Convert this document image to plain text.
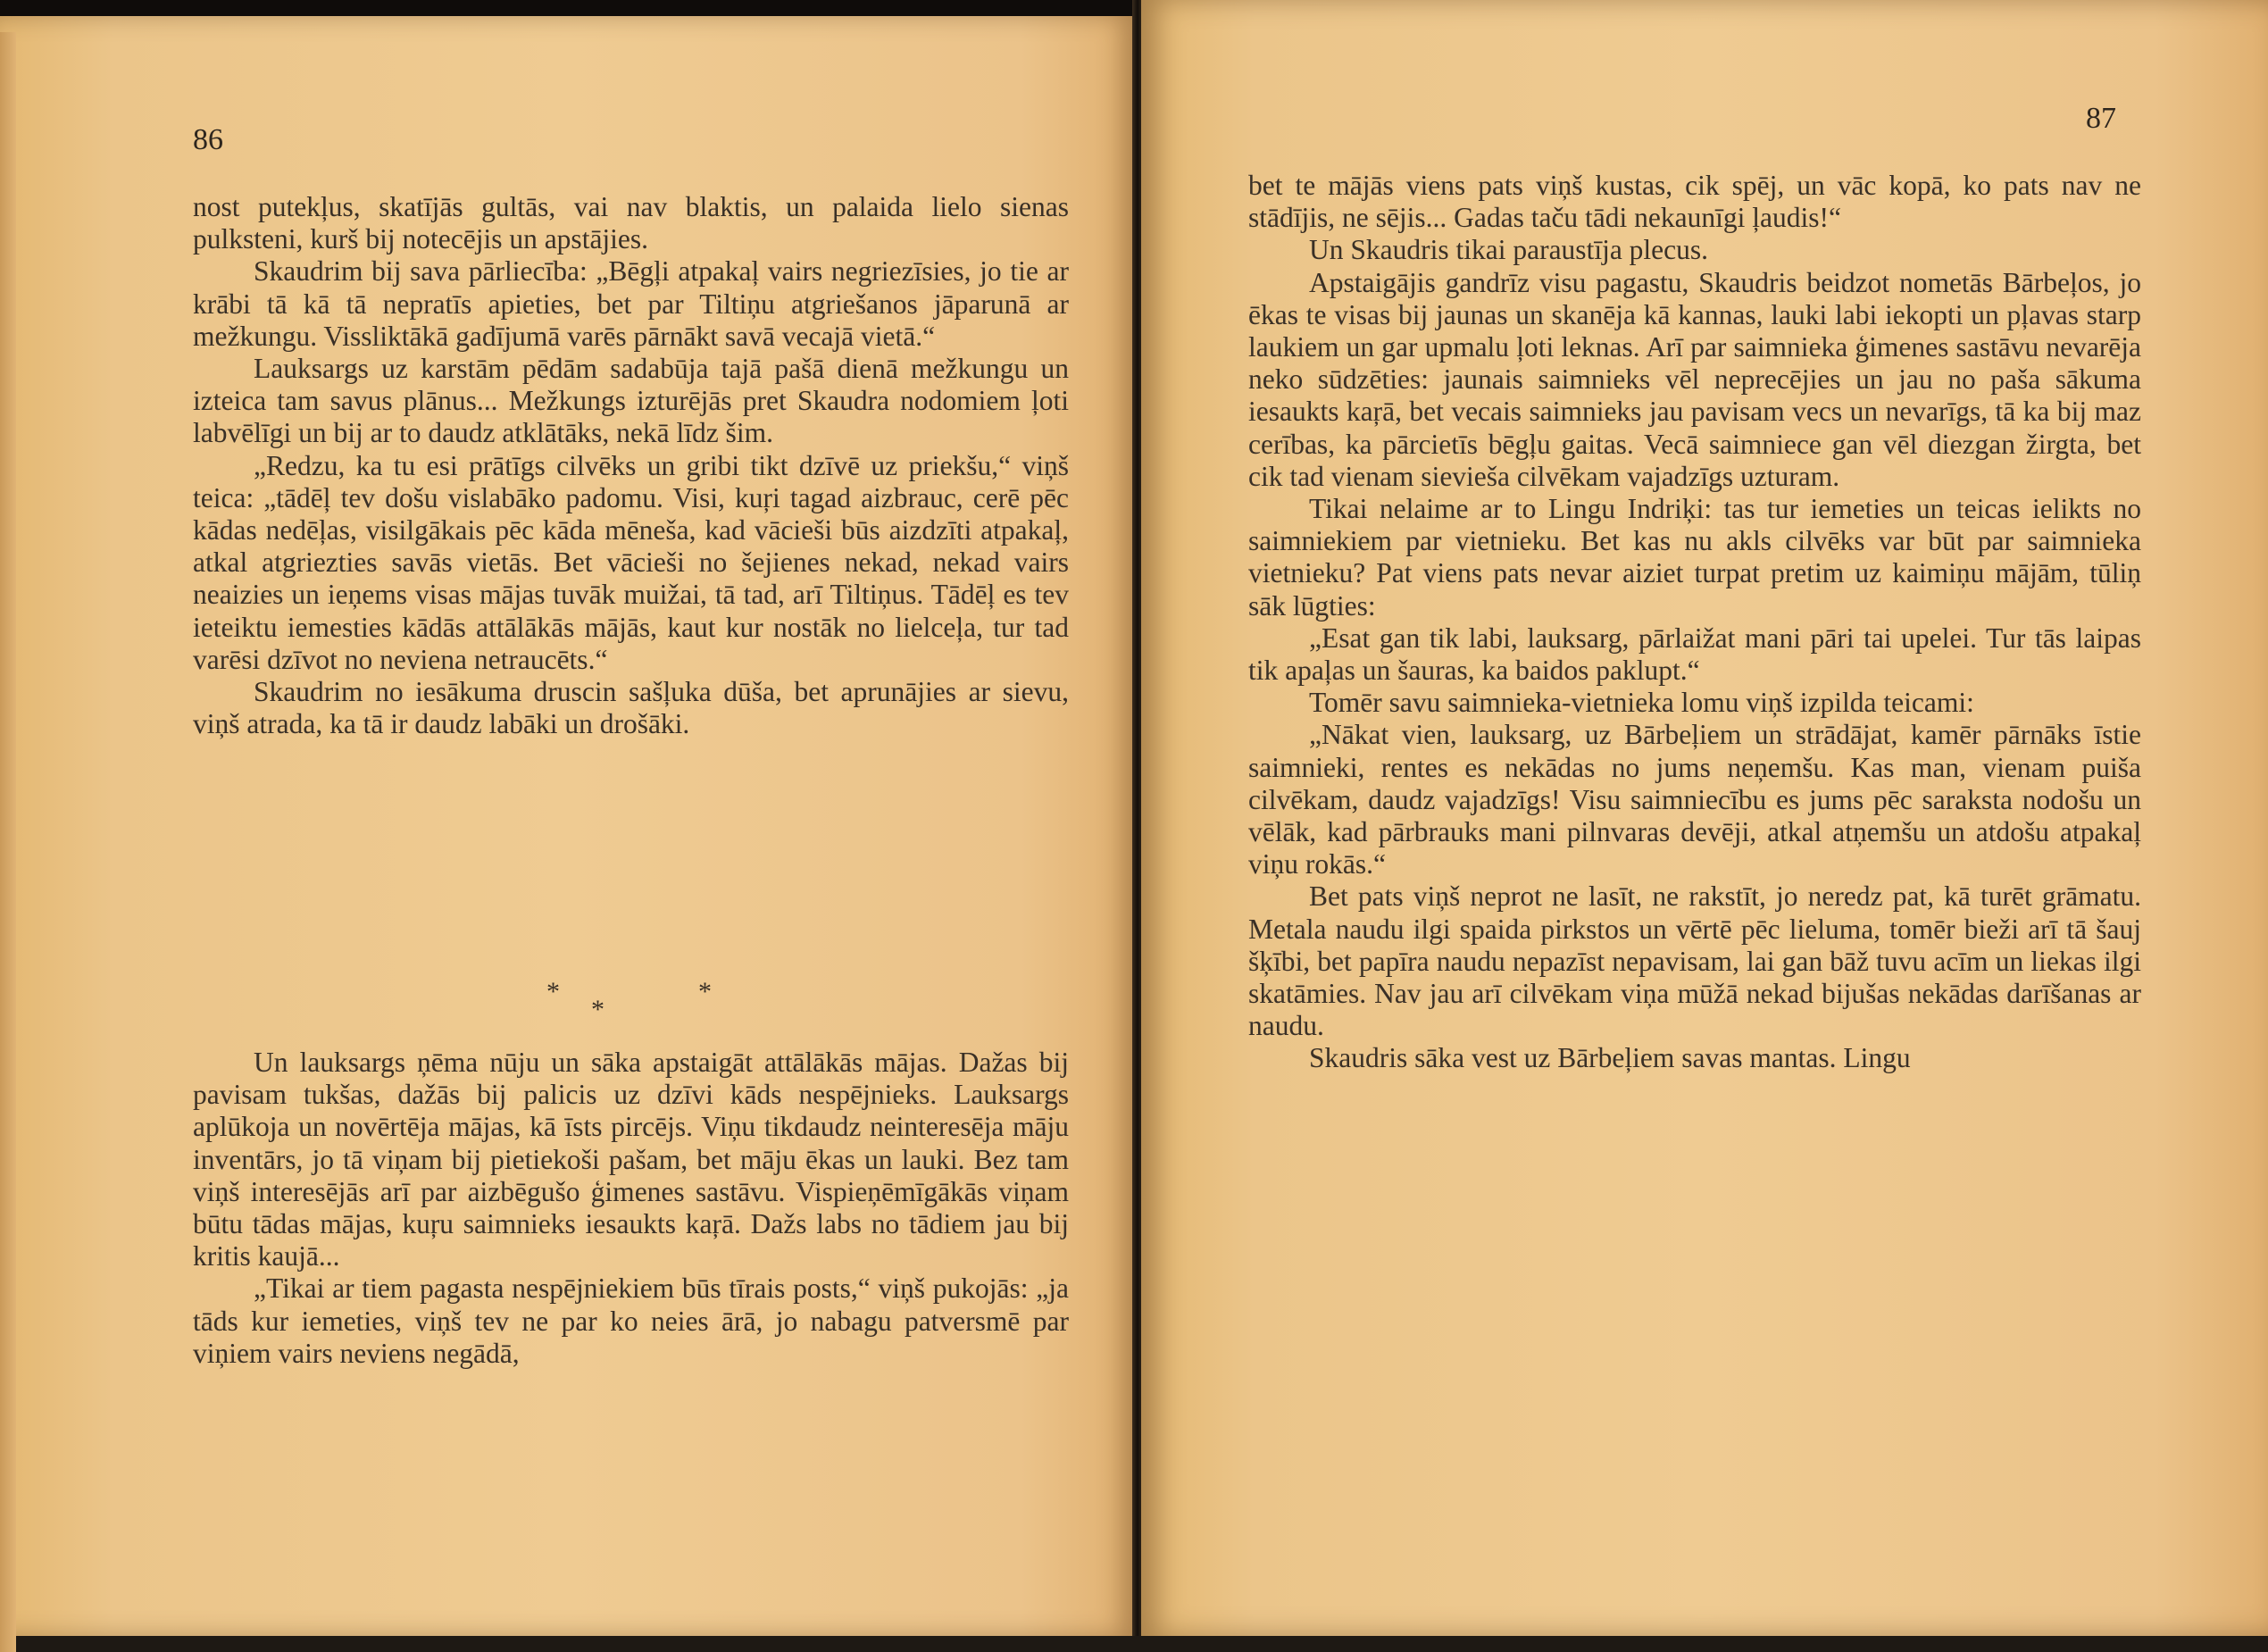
86

nost putekļus, skatījās gultās, vai nav blaktis, un palaida lielo sienas pulksteni, kurš bij notecējis un apstājies.

Skaudrim bij sava pārliecība: „Bēgļi atpakaļ vairs negriezīsies, jo tie ar krābi tā kā tā nepratīs apieties, bet par Tiltiņu atgriešanos jāparunā ar mežkungu. Vissliktākā gadījumā varēs pārnākt savā vecajā vietā.“

Lauksargs uz karstām pēdām sadabūja tajā pašā dienā mežkungu un izteica tam savus plānus... Mežkungs izturējās pret Skaudra nodomiem ļoti labvēlīgi un bij ar to daudz atklātāks, nekā līdz šim.

„Redzu, ka tu esi prātīgs cilvēks un gribi tikt dzīvē uz priekšu,“ viņš teica: „tādēļ tev došu vislabāko padomu. Visi, kuŗi tagad aizbrauc, cerē pēc kādas nedēļas, visilgākais pēc kāda mēneša, kad vācieši būs aizdzīti atpakaļ, atkal atgriezties savās vietās. Bet vācieši no šejienes nekad, nekad vairs neaizies un ieņems visas mājas tuvāk muižai, tā tad, arī Tiltiņus. Tādēļ es tev ieteiktu iemesties kādās attālākās mājās, kaut kur nostāk no lielceļa, tur tad varēsi dzīvot no neviena netraucēts.“

Skaudrim no iesākuma druscin sašļuka dūša, bet aprunājies ar sievu, viņš atrada, ka tā ir daudz labāki un drošāki.

*
*
*

Un lauksargs ņēma nūju un sāka apstaigāt attālākās mājas. Dažas bij pavisam tukšas, dažās bij palicis uz dzīvi kāds nespējnieks. Lauksargs aplūkoja un novērtēja mājas, kā īsts pircējs. Viņu tikdaudz neinteresēja māju inventārs, jo tā viņam bij pietiekoši pašam, bet māju ēkas un lauki. Bez tam viņš interesējās arī par aizbēgušo ģimenes sastāvu. Vispieņēmīgākās viņam būtu tādas mājas, kuŗu saimnieks iesaukts kaŗā. Dažs labs no tādiem jau bij kritis kaujā...

„Tikai ar tiem pagasta nespējniekiem būs tīrais posts,“ viņš pukojās: „ja tāds kur iemeties, viņš tev ne par ko neies ārā, jo nabagu patversmē par viņiem vairs neviens negādā,

87

bet te mājās viens pats viņš kustas, cik spēj, un vāc kopā, ko pats nav ne stādījis, ne sējis... Gadas taču tādi nekaunīgi ļaudis!“

Un Skaudris tikai paraustīja plecus.

Apstaigājis gandrīz visu pagastu, Skaudris beidzot nometās Bārbeļos, jo ēkas te visas bij jaunas un skanēja kā kannas, lauki labi iekopti un pļavas starp laukiem un gar upmalu ļoti leknas. Arī par saimnieka ģimenes sastāvu nevarēja neko sūdzēties: jaunais saimnieks vēl neprecējies un jau no paša sākuma iesaukts kaŗā, bet vecais saimnieks jau pavisam vecs un nevarīgs, tā ka bij maz cerības, ka pārcietīs bēgļu gaitas. Vecā saimniece gan vēl diezgan žirgta, bet cik tad vienam sieviešа cilvēkam vajadzīgs uzturam.

Tikai nelaime ar to Lingu Indriķi: tas tur iemeties un teicas ielikts no saimniekiem par vietnieku. Bet kas nu akls cilvēks var būt par saimnieka vietnieku? Pat viens pats nevar aiziet turpat pretim uz kaimiņu mājām, tūliņ sāk lūgties:

„Esat gan tik labi, lauksarg, pārlaižat mani pāri tai upelei. Tur tās laipas tik apaļas un šauras, ka baidos paklupt.“

Tomēr savu saimnieka-vietnieka lomu viņš izpilda teicami:

„Nākat vien, lauksarg, uz Bārbeļiem un strādājat, kamēr pārnāks īstie saimnieki, rentes es nekādas no jums neņemšu. Kas man, vienam puiša cilvēkam, daudz vajadzīgs! Visu saimniecību es jums pēc saraksta nodošu un vēlāk, kad pārbrauks mani pilnvaras devēji, atkal atņemšu un atdošu atpakaļ viņu rokās.“

Bet pats viņš neprot ne lasīt, ne rakstīt, jo neredz pat, kā turēt grāmatu. Metala naudu ilgi spaida pirkstos un vērtē pēc lieluma, tomēr bieži arī tā šauj šķībi, bet papīra naudu nepazīst nepavisam, lai gan bāž tuvu acīm un liekas ilgi skatāmies. Nav jau arī cilvēkam viņa mūžā nekad bijušas nekādas darīšanas ar naudu.

Skaudris sāka vest uz Bārbeļiem savas mantas. Lingu
